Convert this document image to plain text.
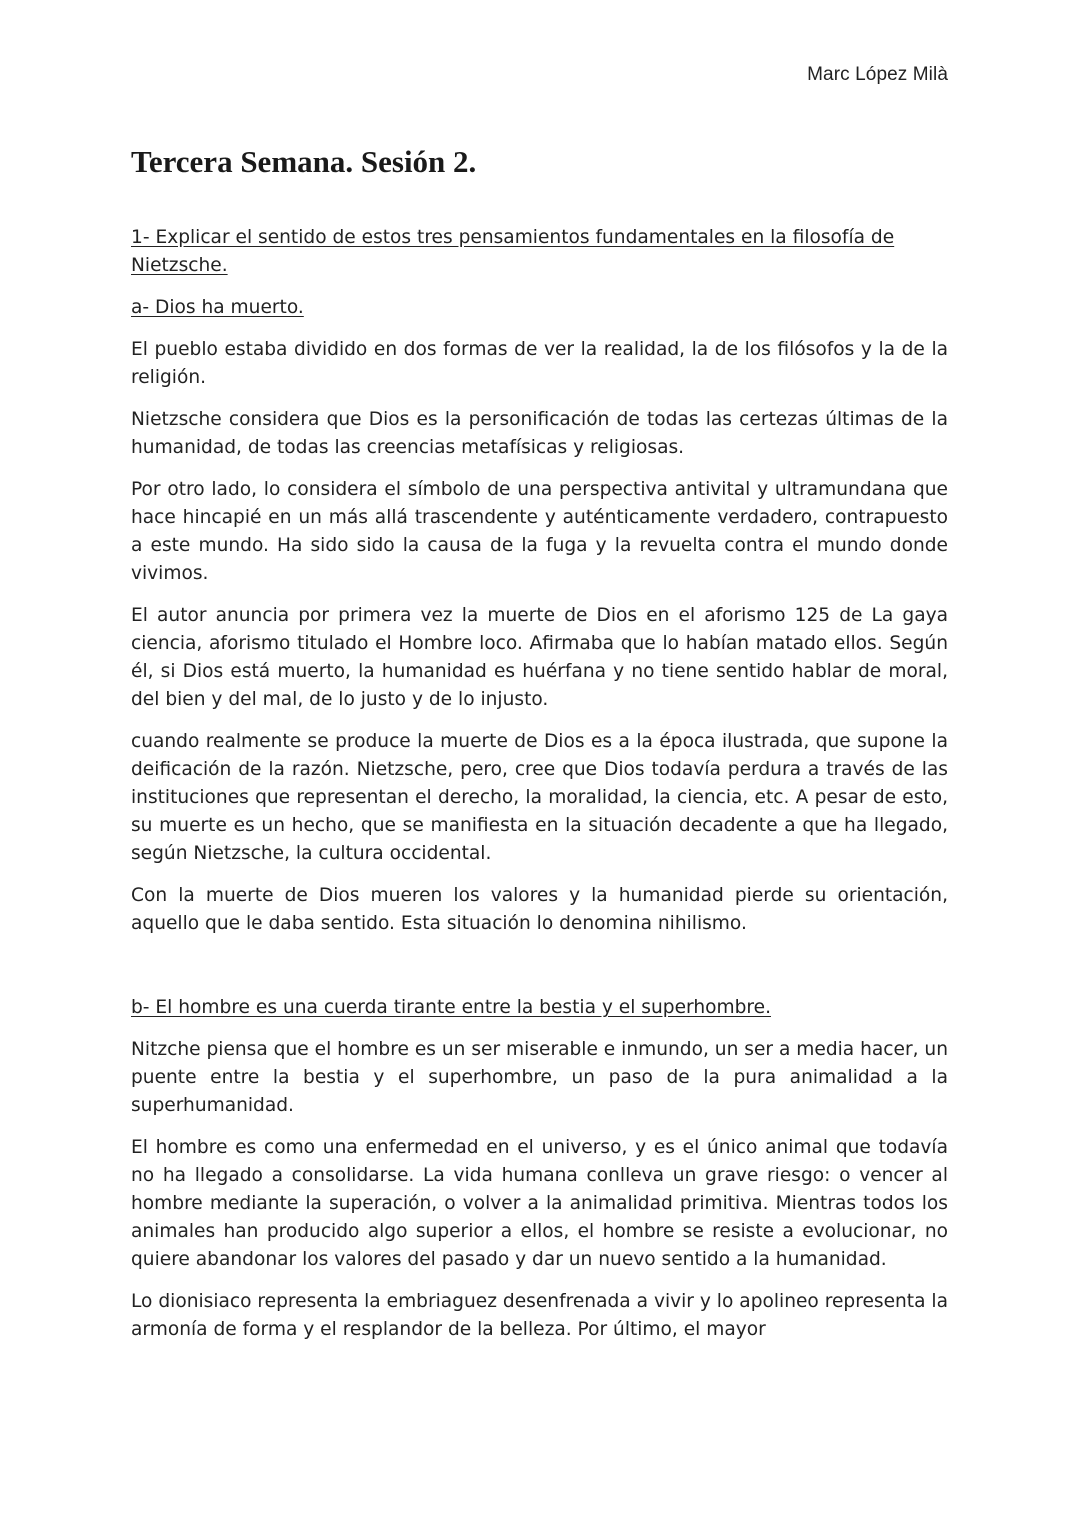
Marc López Milà
Tercera Semana. Sesión 2.

1- Explicar el sentido de estos tres pensamientos fundamentales en la filosofía de Nietzsche.

a- Dios ha muerto.

El pueblo estaba dividido en dos formas de ver la realidad, la de los filósofos y la de la religión.

Nietzsche considera que Dios es la personificación de todas las certezas últimas de la humanidad, de todas las creencias metafísicas y religiosas.

Por otro lado, lo considera el símbolo de una perspectiva antivital y ultramundana que hace hincapié en un más allá trascendente y auténticamente verdadero, contrapuesto a este mundo. Ha sido sido la causa de la fuga y la revuelta contra el mundo donde vivimos.

El autor anuncia por primera vez la muerte de Dios en el aforismo 125 de La gaya ciencia, aforismo titulado el Hombre loco. Afirmaba que lo habían matado ellos. Según él, si Dios está muerto, la humanidad es huérfana y no tiene sentido hablar de moral, del bien y del mal, de lo justo y de lo injusto.

cuando realmente se produce la muerte de Dios es a la época ilustrada, que supone la deificación de la razón. Nietzsche, pero, cree que Dios todavía perdura a través de las instituciones que representan el derecho, la moralidad, la ciencia, etc. A pesar de esto, su muerte es un hecho, que se manifiesta en la situación decadente a que ha llegado, según Nietzsche, la cultura occidental.

Con la muerte de Dios mueren los valores y la humanidad pierde su orientación, aquello que le daba sentido. Esta situación lo denomina nihilismo.

b- El hombre es una cuerda tirante entre la bestia y el superhombre.

Nitzche piensa que el hombre es un ser miserable e inmundo, un ser a media hacer, un puente entre la bestia y el superhombre, un paso de la pura animalidad a la superhumanidad.

El hombre es como una enfermedad en el universo, y es el único animal que todavía no ha llegado a consolidarse. La vida humana conlleva un grave riesgo: o vencer al hombre mediante la superación, o volver a la animalidad primitiva. Mientras todos los animales han producido algo superior a ellos, el hombre se resiste a evolucionar, no quiere abandonar los valores del pasado y dar un nuevo sentido a la humanidad.

Lo dionisiaco representa la embriaguez desenfrenada a vivir y lo apolineo representa la armonía de forma y el resplandor de la belleza. Por último, el mayor
